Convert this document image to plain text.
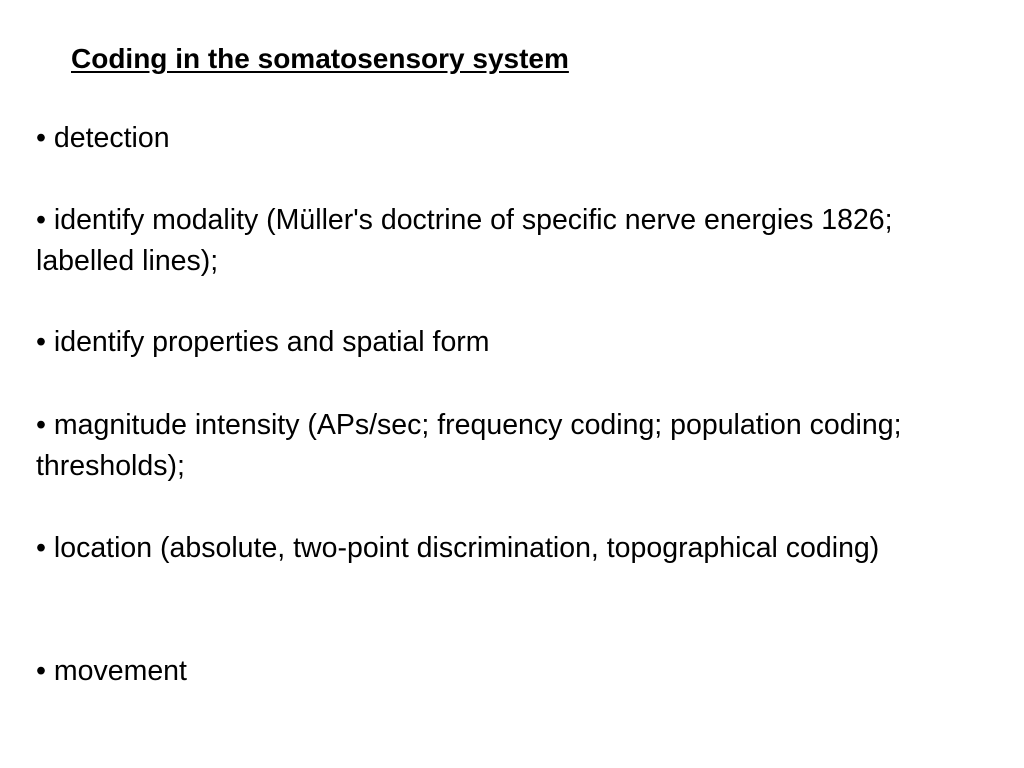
Coding in the somatosensory system

• detection

• identify modality (Müller's doctrine of specific nerve energies 1826; labelled lines);

• identify properties and spatial form

• magnitude intensity (APs/sec; frequency coding; population coding; thresholds);

• location (absolute, two-point discrimination, topographical coding)

• movement
